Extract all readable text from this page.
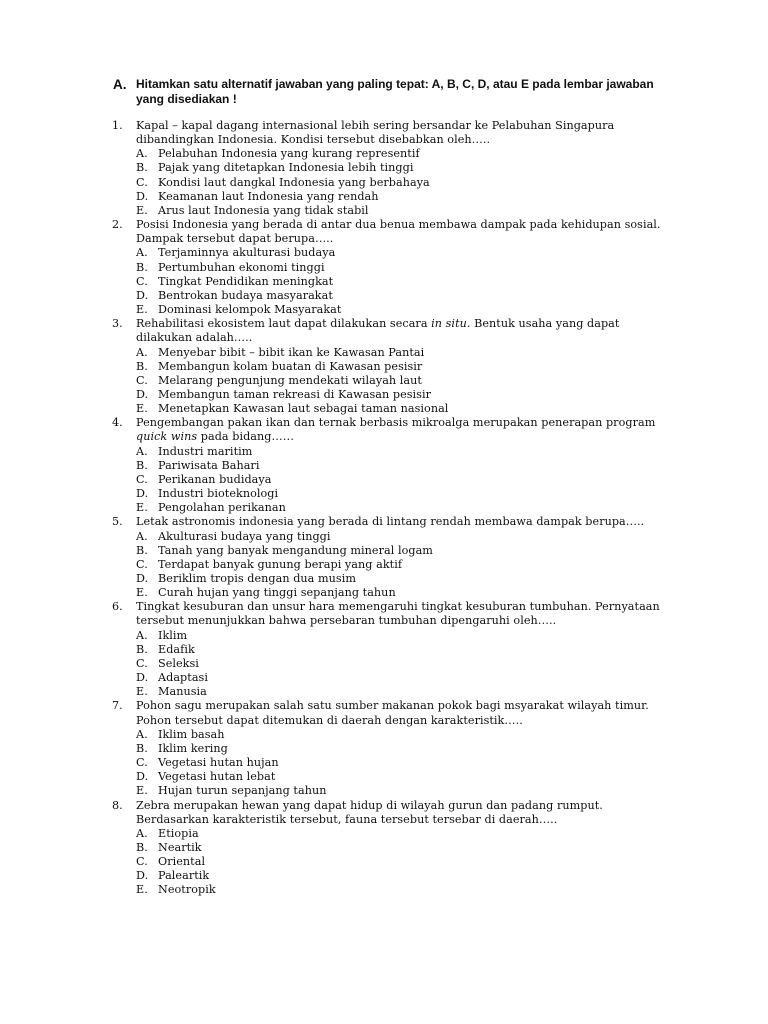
A. Hitamkan satu alternatif jawaban yang paling tepat: A, B, C, D, atau E pada lembar jawaban
yang disediakan !
1. Kapal – kapal dagang internasional lebih sering bersandar ke Pelabuhan Singapura
dibandingkan Indonesia. Kondisi tersebut disebabkan oleh…..
A. Pelabuhan Indonesia yang kurang representif
B. Pajak yang ditetapkan Indonesia lebih tinggi
C. Kondisi laut dangkal Indonesia yang berbahaya
D. Keamanan laut Indonesia yang rendah
E. Arus laut Indonesia yang tidak stabil
2. Posisi Indonesia yang berada di antar dua benua membawa dampak pada kehidupan sosial.
Dampak tersebut dapat berupa…..
A. Terjaminnya akulturasi budaya
B. Pertumbuhan ekonomi tinggi
C. Tingkat Pendidikan meningkat
D. Bentrokan budaya masyarakat
E. Dominasi kelompok Masyarakat
3. Rehabilitasi ekosistem laut dapat dilakukan secara in situ. Bentuk usaha yang dapat
dilakukan adalah…..
A. Menyebar bibit – bibit ikan ke Kawasan Pantai
B. Membangun kolam buatan di Kawasan pesisir
C. Melarang pengunjung mendekati wilayah laut
D. Membangun taman rekreasi di Kawasan pesisir
E. Menetapkan Kawasan laut sebagai taman nasional
4. Pengembangan pakan ikan dan ternak berbasis mikroalga merupakan penerapan program
quick wins pada bidang……
A. Industri maritim
B. Pariwisata Bahari
C. Perikanan budidaya
D. Industri bioteknologi
E. Pengolahan perikanan
5. Letak astronomis indonesia yang berada di lintang rendah membawa dampak berupa…..
A. Akulturasi budaya yang tinggi
B. Tanah yang banyak mengandung mineral logam
C. Terdapat banyak gunung berapi yang aktif
D. Beriklim tropis dengan dua musim
E. Curah hujan yang tinggi sepanjang tahun
6. Tingkat kesuburan dan unsur hara memengaruhi tingkat kesuburan tumbuhan. Pernyataan
tersebut menunjukkan bahwa persebaran tumbuhan dipengaruhi oleh…..
A. Iklim
B. Edafik
C. Seleksi
D. Adaptasi
E. Manusia
7. Pohon sagu merupakan salah satu sumber makanan pokok bagi msyarakat wilayah timur.
Pohon tersebut dapat ditemukan di daerah dengan karakteristik…..
A. Iklim basah
B. Iklim kering
C. Vegetasi hutan hujan
D. Vegetasi hutan lebat
E. Hujan turun sepanjang tahun
8. Zebra merupakan hewan yang dapat hidup di wilayah gurun dan padang rumput.
Berdasarkan karakteristik tersebut, fauna tersebut tersebar di daerah…..
A. Etiopia
B. Neartik
C. Oriental
D. Paleartik
E. Neotropik
